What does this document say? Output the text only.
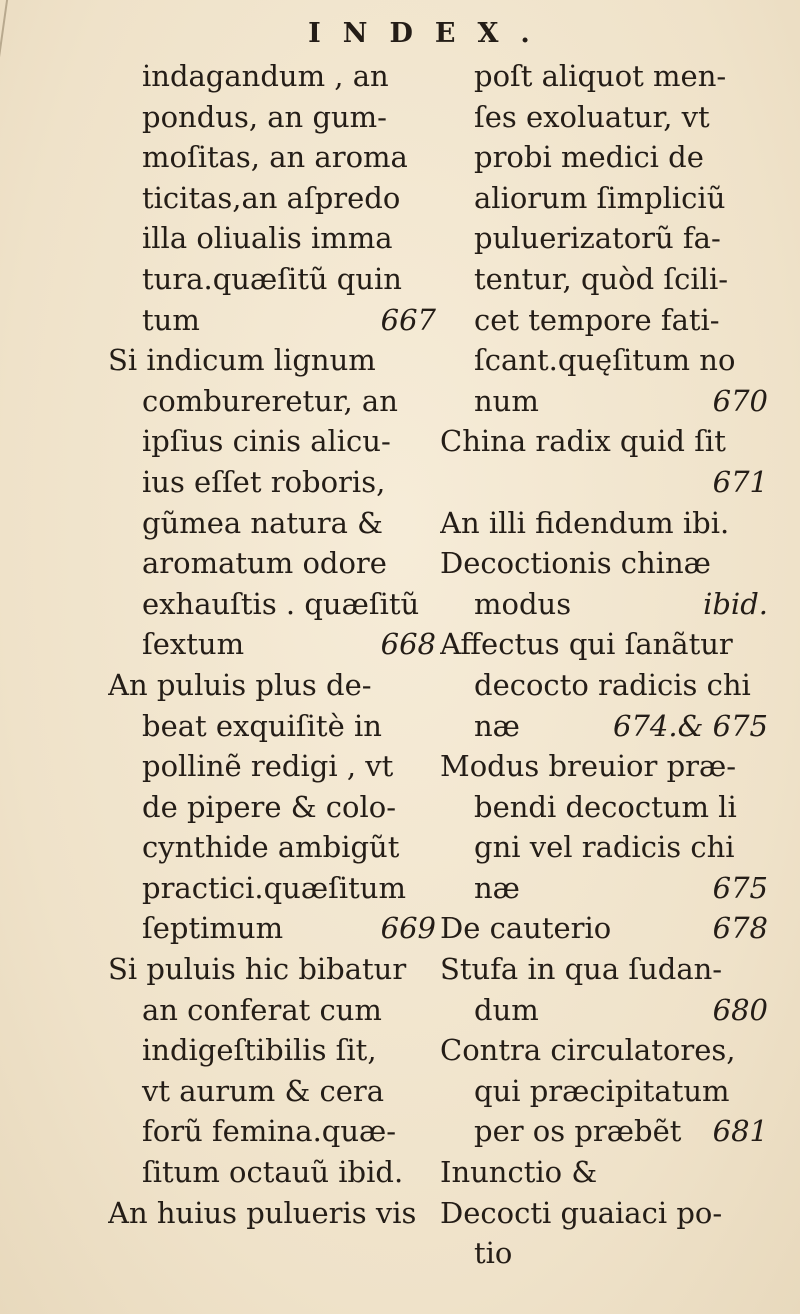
INDEX.
indagandum , an
pondus, an gum-
moſitas, an aroma
ticitas,an aſpredo
illa oliualis imma
tura.quæſitũ quin
tum	667
Si indicum lignum
combureretur, an
ipſius cinis alicu-
ius eſſet roboris,
gũmea natura &
aromatum odore
exhauſtis . quæſitũ
ſextum	668
An puluis plus de-
beat exquiſitè in
pollinẽ redigi , vt
de pipere & colo-
cynthide ambigũt
practici.quæſitum
ſeptimum	669
Si puluis hic bibatur
an conferat cum
indigeſtibilis ſit,
vt aurum & cera
forũ femina.quæ-
ſitum octauũ ibid.
An huius pulueris vis
poſt aliquot men-
ſes exoluatur, vt
probi medici de
aliorum ſimpliciũ
puluerizatorũ fa-
tentur, quòd ſcili-
cet tempore fati-
ſcant.quęſitum no
num	670
China radix quid ſit
671
An illi fidendum ibi.
Decoctionis chinæ
modus	ibid.
Affectus qui ſanãtur
decocto radicis chi
næ	674.& 675
Modus breuior præ-
bendi decoctum li
gni vel radicis chi
næ	675
De cauterio	678
Stufa in qua ſudan-
dum	680
Contra circulatores,
qui præcipitatum
per os præbẽt 681
Inunctio &
Decocti guaiaci po-
tio
